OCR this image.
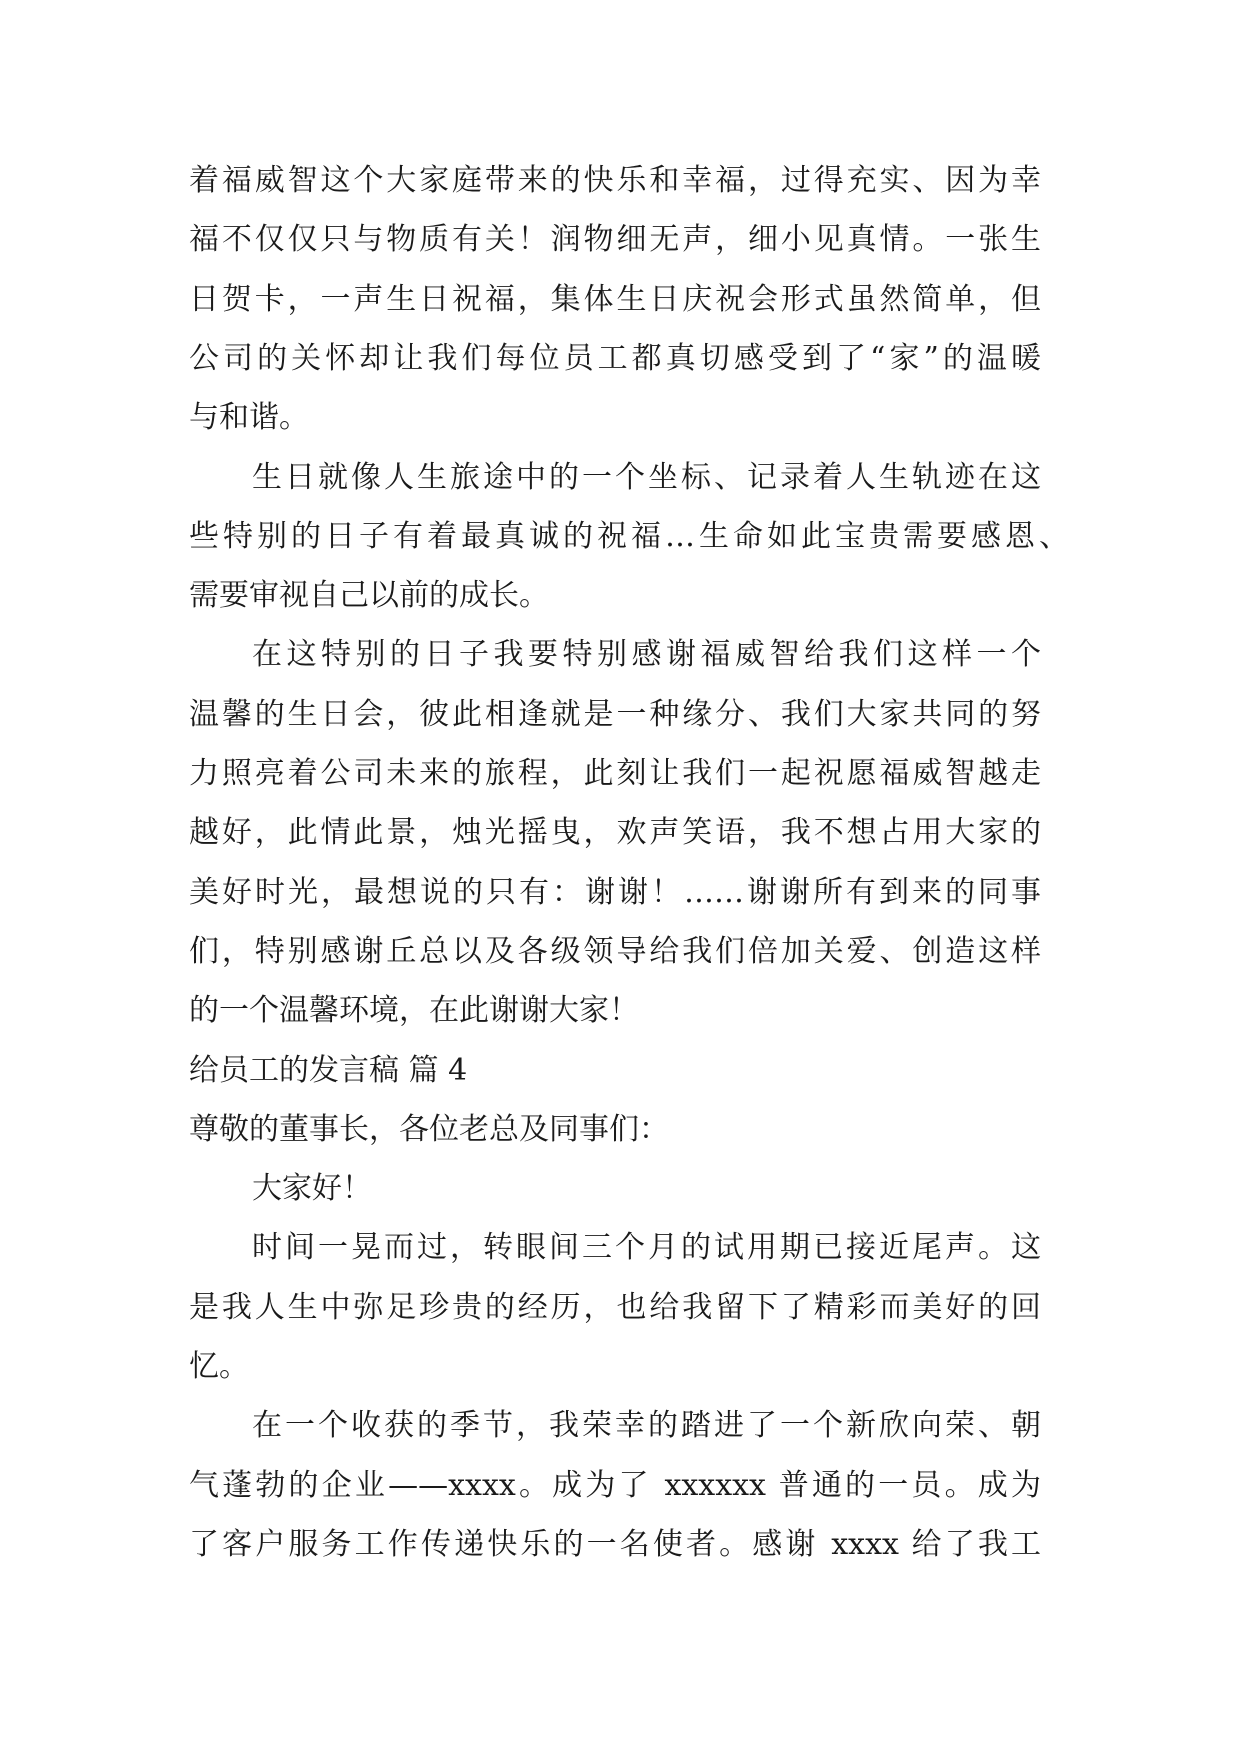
着福威智这个大家庭带来的快乐和幸福，过得充实、因为幸
福不仅仅只与物质有关！润物细无声，细小见真情。一张生
日贺卡，一声生日祝福，集体生日庆祝会形式虽然简单，但
公司的关怀却让我们每位员工都真切感受到了“家”的温暖
与和谐。
生日就像人生旅途中的一个坐标、记录着人生轨迹在这
些特别的日子有着最真诚的祝福…生命如此宝贵需要感恩、
需要审视自己以前的成长。
在这特别的日子我要特别感谢福威智给我们这样一个
温馨的生日会，彼此相逢就是一种缘分、我们大家共同的努
力照亮着公司未来的旅程，此刻让我们一起祝愿福威智越走
越好，此情此景，烛光摇曳，欢声笑语，我不想占用大家的
美好时光，最想说的只有：谢谢！……谢谢所有到来的同事
们，特别感谢丘总以及各级领导给我们倍加关爱、创造这样
的一个温馨环境，在此谢谢大家！
给员工的发言稿 篇 4
尊敬的董事长，各位老总及同事们：
大家好！
时间一晃而过，转眼间三个月的试用期已接近尾声。这
是我人生中弥足珍贵的经历，也给我留下了精彩而美好的回
忆。
在一个收获的季节，我荣幸的踏进了一个新欣向荣、朝
气蓬勃的企业——xxxx。成为了 xxxxxx 普通的一员。成为
了客户服务工作传递快乐的一名使者。感谢 xxxx 给了我工
